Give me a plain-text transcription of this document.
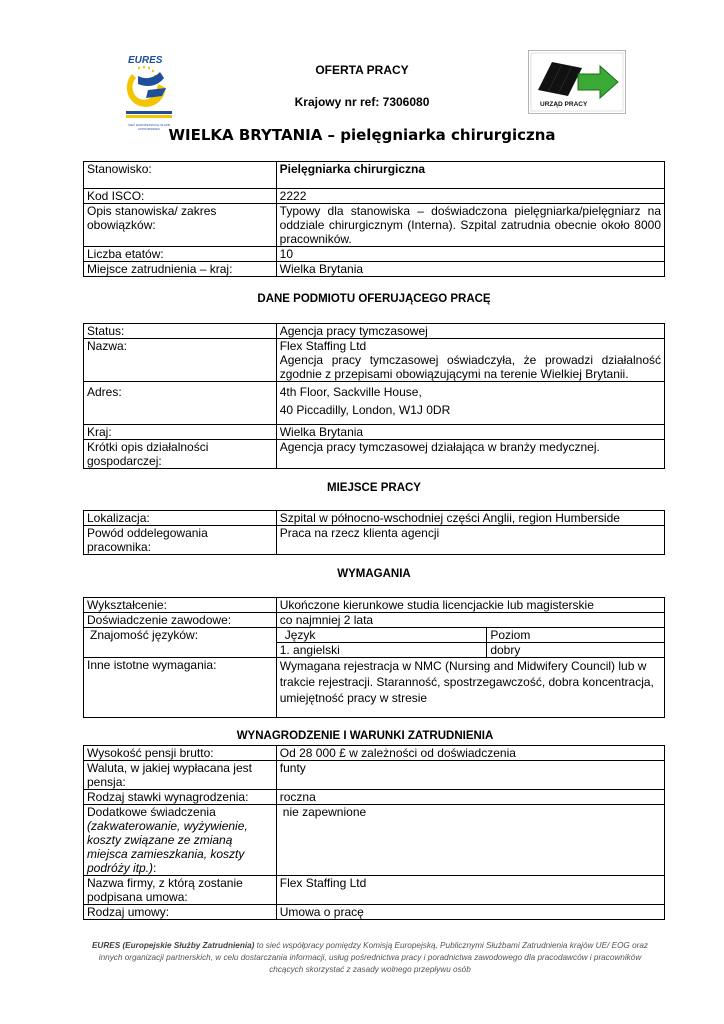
EURES
SIEĆ EUROPEJSKICH SŁUŻB ZATRUDNIENIA
OFERTA PRACY
Krajowy nr ref: 7306080	URZĄD PRACY
WIELKA BRYTANIA – pielęgniarka chirurgiczna
Stanowisko:	Pielęgniarka chirurgiczna
Kod ISCO:	2222
Opis stanowiska/ zakres obowiązków:	Typowy dla stanowiska – doświadczona pielęgniarka/pielęgniarz na oddziale chirurgicznym (Interna). Szpital zatrudnia obecnie około 8000 pracowników.
Liczba etatów:	10
Miejsce zatrudnienia – kraj:	Wielka Brytania
DANE PODMIOTU OFERUJĄCEGO PRACĘ
Status:	Agencja pracy tymczasowej
Nazwa:	Flex Staffing Ltd
Agencja pracy tymczasowej oświadczyła, że prowadzi działalność zgodnie z przepisami obowiązującymi na terenie Wielkiej Brytanii.

Adres:	4th Floor, Sackville House,
40 Piccadilly, London, W1J 0DR

Kraj:	Wielka Brytania
Krótki opis działalności gospodarczej:	Agencja pracy tymczasowej działająca w branży medycznej.
MIEJSCE PRACY
Lokalizacja:	Szpital w północno-wschodniej części Anglii, region Humberside
Powód oddelegowania pracownika:	Praca na rzecz klienta agencji
WYMAGANIA
Wykształcenie:	Ukończone kierunkowe studia licencjackie lub magisterskie	
Doświadczenie zawodowe:	co najmniej 2 lata	
Znajomość języków:	Język	Poziom
	1. angielski	dobry
Inne istotne wymagania:	Wymagana rejestracja w NMC (Nursing and Midwifery Council) lub w trakcie rejestracji. Staranność, spostrzegawczość, dobra koncentracja, umiejętność pracy w stresie	
WYNAGRODZENIE I WARUNKI ZATRUDNIENIA
Wysokość pensji brutto:	Od 28 000 £ w zależności od doświadczenia
Waluta, w jakiej wypłacana jest pensja:	funty
Rodzaj stawki wynagrodzenia:	roczna
Dodatkowe świadczenia (zakwaterowanie, wyżywienie, koszty związane ze zmianą miejsca zamieszkania, koszty podróży itp.):	nie zapewnione
Nazwa firmy, z którą zostanie podpisana umowa:	Flex Staffing Ltd
Rodzaj umowy:	Umowa o pracę
EURES (Europejskie Służby Zatrudnienia) to sieć współpracy pomiędzy Komisją Europejską, Publicznymi Służbami Zatrudnienia krajów UE/ EOG oraz innych organizacji partnerskich, w celu dostarczania informacji, usług pośrednictwa pracy i poradnictwa zawodowego dla pracodawców i pracowników chcących skorzystać z zasady wolnego przepływu osób
